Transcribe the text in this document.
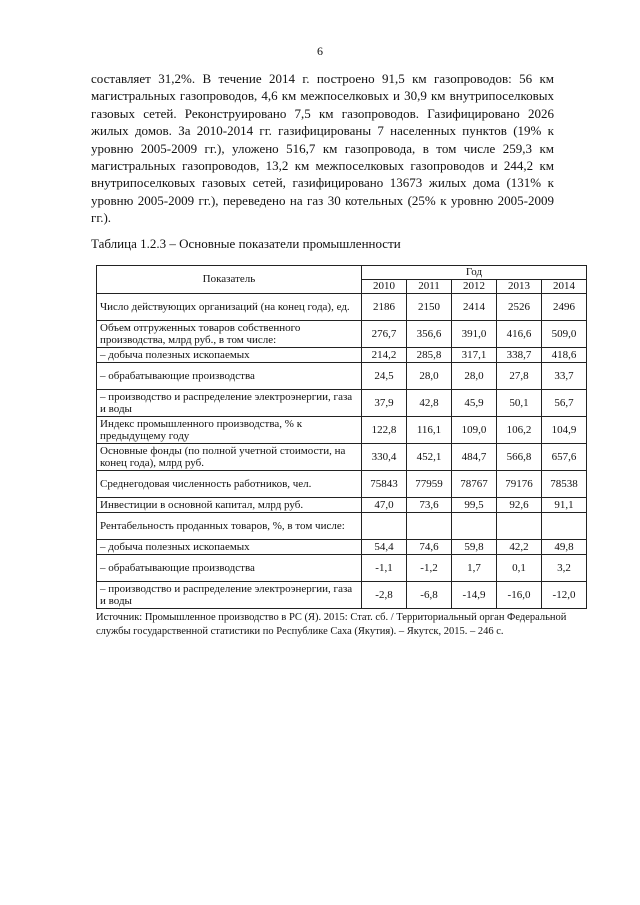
6

составляет 31,2%. В течение 2014 г. построено 91,5 км газопроводов: 56 км магистральных газопроводов, 4,6 км межпоселковых и 30,9 км внутрипоселковых газовых сетей. Реконструировано 7,5 км газопроводов. Газифицировано 2026 жилых домов. За 2010-2014 гг. газифицированы 7 населенных пунктов (19% к уровню 2005-2009 гг.), уложено 516,7 км газопровода, в том числе 259,3 км магистральных газопроводов, 13,2 км межпоселковых газопроводов и 244,2 км внутрипоселковых газовых сетей, газифицировано 13673 жилых дома (131% к уровню 2005-2009 гг.), переведено на газ 30 котельных (25% к уровню 2005-2009 гг.).

Таблица 1.2.3 – Основные показатели промышленности

Показатель	Год				
	2010	2011	2012	2013	2014
Число действующих организаций (на конец года), ед.	2186	2150	2414	2526	2496
Объем отгруженных товаров собственного производства, млрд руб., в том числе:	276,7	356,6	391,0	416,6	509,0
– добыча полезных ископаемых	214,2	285,8	317,1	338,7	418,6
– обрабатывающие производства	24,5	28,0	28,0	27,8	33,7
– производство и распределение электроэнергии, газа и воды	37,9	42,8	45,9	50,1	56,7
Индекс промышленного производства, % к предыдущему году	122,8	116,1	109,0	106,2	104,9
Основные фонды (по полной учетной стоимости, на конец года), млрд руб.	330,4	452,1	484,7	566,8	657,6
Среднегодовая численность работников, чел.	75843	77959	78767	79176	78538
Инвестиции в основной капитал, млрд руб.	47,0	73,6	99,5	92,6	91,1
Рентабельность проданных товаров, %, в том числе:					
– добыча полезных ископаемых	54,4	74,6	59,8	42,2	49,8
– обрабатывающие производства	-1,1	-1,2	1,7	0,1	3,2
– производство и распределение электроэнергии, газа и воды	-2,8	-6,8	-14,9	-16,0	-12,0

Источник: Промышленное производство в РС (Я). 2015: Стат. сб. / Территориальный орган Федеральной службы государственной статистики по Республике Саха (Якутия). – Якутск, 2015. – 246 с.
